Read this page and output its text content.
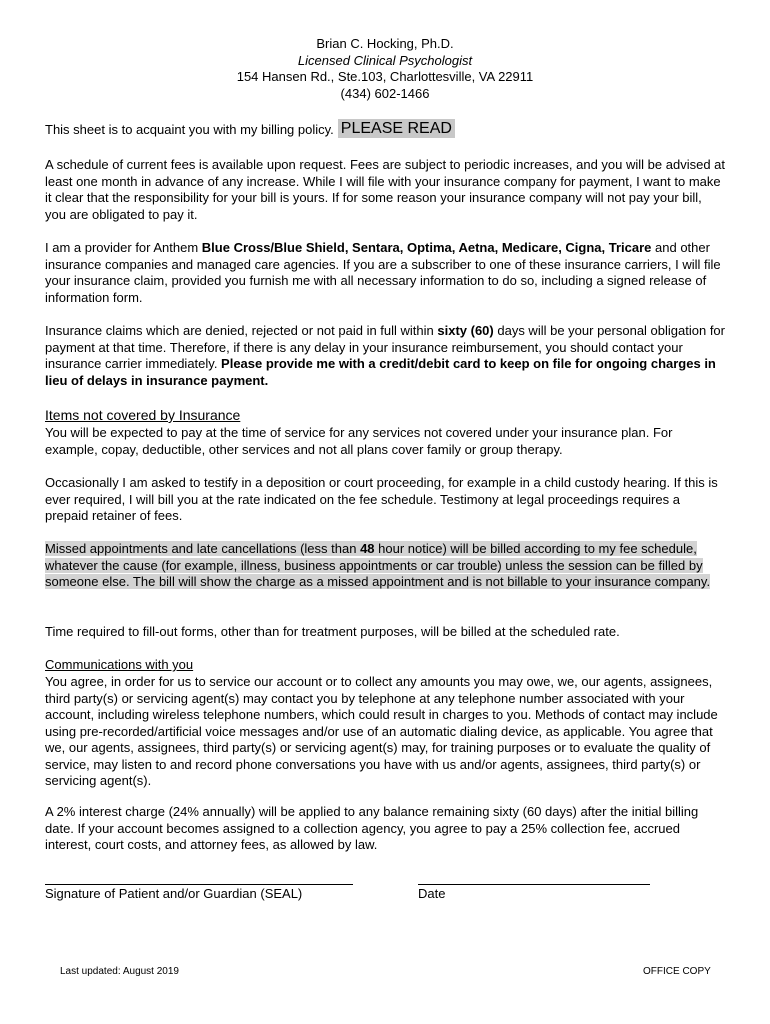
Brian C. Hocking, Ph.D.
Licensed Clinical Psychologist
154 Hansen Rd., Ste.103, Charlottesville, VA 22911
(434) 602-1466
This sheet is to acquaint you with my billing policy. PLEASE READ
A schedule of current fees is available upon request. Fees are subject to periodic increases, and you will be advised at least one month in advance of any increase. While I will file with your insurance company for payment, I want to make it clear that the responsibility for your bill is yours. If for some reason your insurance company will not pay your bill, you are obligated to pay it.
I am a provider for Anthem Blue Cross/Blue Shield, Sentara, Optima, Aetna, Medicare, Cigna, Tricare and other insurance companies and managed care agencies. If you are a subscriber to one of these insurance carriers, I will file your insurance claim, provided you furnish me with all necessary information to do so, including a signed release of information form.
Insurance claims which are denied, rejected or not paid in full within sixty (60) days will be your personal obligation for payment at that time. Therefore, if there is any delay in your insurance reimbursement, you should contact your insurance carrier immediately. Please provide me with a credit/debit card to keep on file for ongoing charges in lieu of delays in insurance payment.
Items not covered by Insurance
You will be expected to pay at the time of service for any services not covered under your insurance plan. For example, copay, deductible, other services and not all plans cover family or group therapy.
Occasionally I am asked to testify in a deposition or court proceeding, for example in a child custody hearing. If this is ever required, I will bill you at the rate indicated on the fee schedule. Testimony at legal proceedings requires a prepaid retainer of fees.
Missed appointments and late cancellations (less than 48 hour notice) will be billed according to my fee schedule, whatever the cause (for example, illness, business appointments or car trouble) unless the session can be filled by someone else. The bill will show the charge as a missed appointment and is not billable to your insurance company.
Time required to fill-out forms, other than for treatment purposes, will be billed at the scheduled rate.
Communications with you
You agree, in order for us to service our account or to collect any amounts you may owe, we, our agents, assignees, third party(s) or servicing agent(s) may contact you by telephone at any telephone number associated with your account, including wireless telephone numbers, which could result in charges to you. Methods of contact may include using pre-recorded/artificial voice messages and/or use of an automatic dialing device, as applicable. You agree that we, our agents, assignees, third party(s) or servicing agent(s) may, for training purposes or to evaluate the quality of service, may listen to and record phone conversations you have with us and/or agents, assignees, third party(s) or servicing agent(s).
A 2% interest charge (24% annually) will be applied to any balance remaining sixty (60 days) after the initial billing date. If your account becomes assigned to a collection agency, you agree to pay a 25% collection fee, accrued interest, court costs, and attorney fees, as allowed by law.
Signature of Patient and/or Guardian (SEAL)	Date
Last updated: August 2019	OFFICE COPY
